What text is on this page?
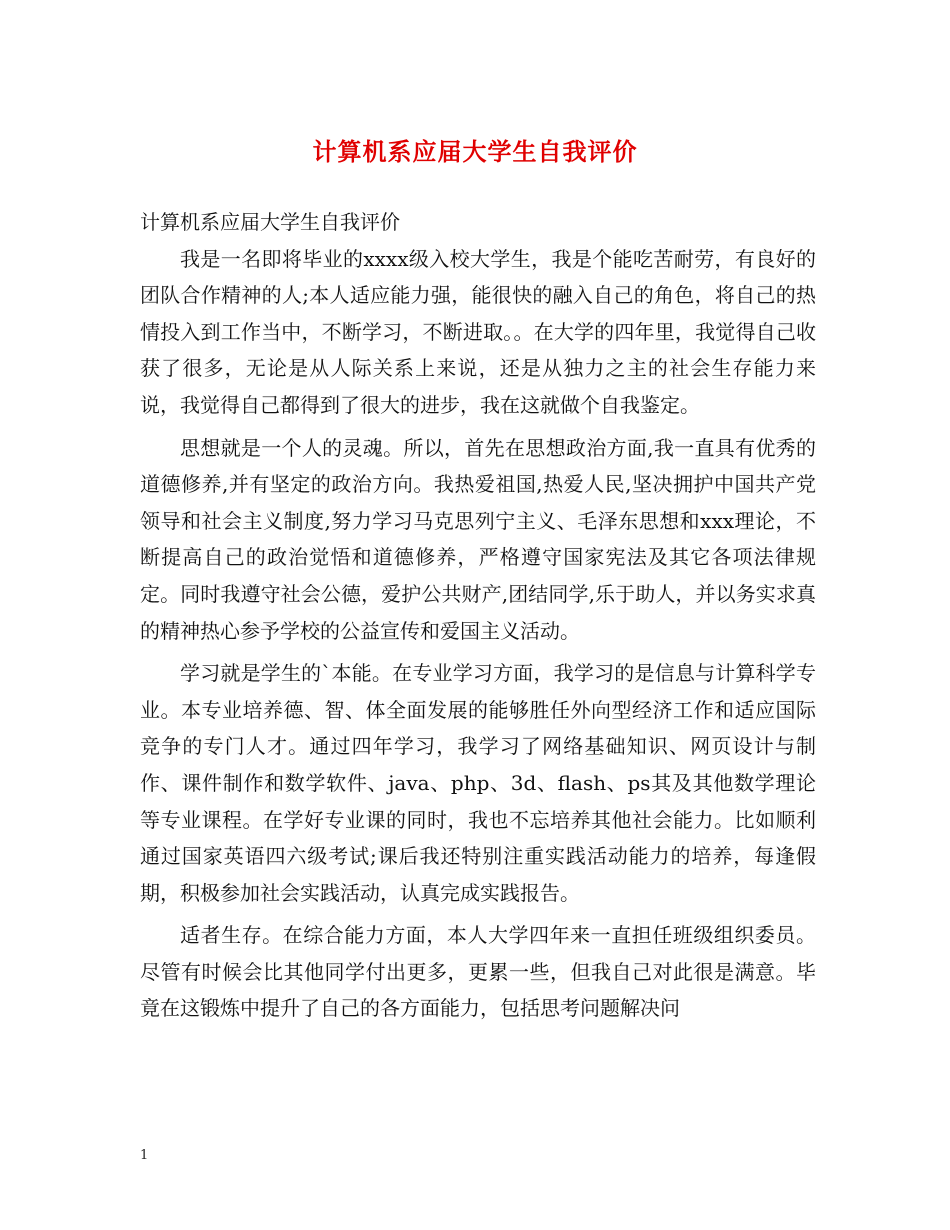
计算机系应届大学生自我评价

计算机系应届大学生自我评价

我是一名即将毕业的xxxx级入校大学生，我是个能吃苦耐劳，有良好的团队合作精神的人;本人适应能力强，能很快的融入自己的角色，将自己的热情投入到工作当中，不断学习，不断进取。。在大学的四年里，我觉得自己收获了很多，无论是从人际关系上来说，还是从独力之主的社会生存能力来说，我觉得自己都得到了很大的进步，我在这就做个自我鉴定。

思想就是一个人的灵魂。所以，首先在思想政治方面,我一直具有优秀的道德修养,并有坚定的政治方向。我热爱祖国,热爱人民,坚决拥护中国共产党领导和社会主义制度,努力学习马克思列宁主义、毛泽东思想和xxx理论，不断提高自己的政治觉悟和道德修养，严格遵守国家宪法及其它各项法律规定。同时我遵守社会公德，爱护公共财产,团结同学,乐于助人，并以务实求真的精神热心参予学校的公益宣传和爱国主义活动。

学习就是学生的`本能。在专业学习方面，我学习的是信息与计算科学专业。本专业培养德、智、体全面发展的能够胜任外向型经济工作和适应国际竞争的专门人才。通过四年学习，我学习了网络基础知识、网页设计与制作、课件制作和数学软件、java、php、3d、flash、ps其及其他数学理论等专业课程。在学好专业课的同时，我也不忘培养其他社会能力。比如顺利通过国家英语四六级考试;课后我还特别注重实践活动能力的培养，每逢假期，积极参加社会实践活动，认真完成实践报告。

适者生存。在综合能力方面，本人大学四年来一直担任班级组织委员。尽管有时候会比其他同学付出更多，更累一些，但我自己对此很是满意。毕竟在这锻炼中提升了自己的各方面能力，包括思考问题解决问

1
